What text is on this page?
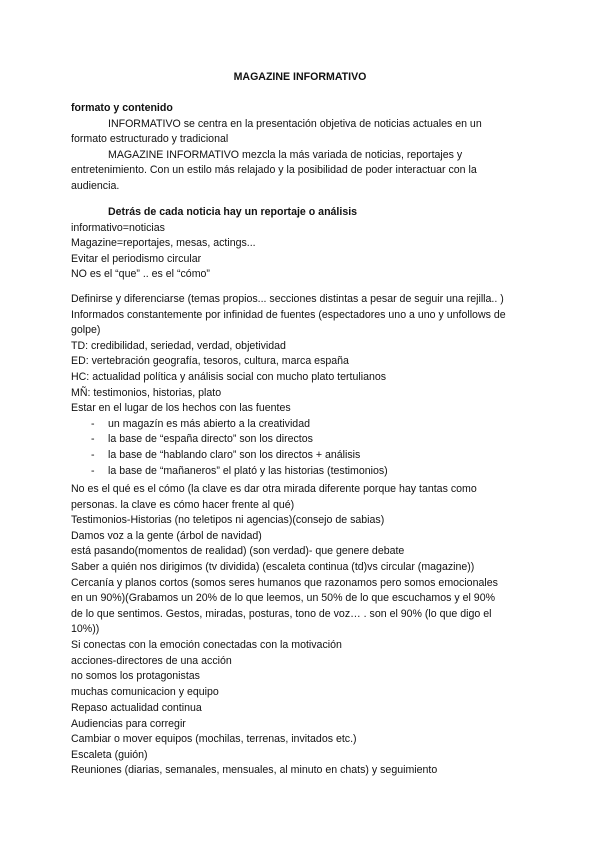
MAGAZINE INFORMATIVO
formato y contenido
INFORMATIVO se centra en la presentación objetiva de noticias actuales en un
formato estructurado y tradicional
MAGAZINE INFORMATIVO mezcla la más variada de noticias, reportajes y
entretenimiento. Con un estilo más relajado y la posibilidad de poder interactuar con la
audiencia.
Detrás de cada noticia hay un reportaje o análisis
informativo=noticias
Magazine=reportajes, mesas, actings...
Evitar el periodismo circular
NO es el “que” .. es el “cómo”
Definirse y diferenciarse (temas propios... secciones distintas a pesar de seguir una rejilla.. )
Informados constantemente por infinidad de fuentes (espectadores uno a uno y unfollows de
golpe)
TD: credibilidad, seriedad, verdad, objetividad
ED: vertebración geografía, tesoros, cultura, marca españa
HC: actualidad política y análisis social con mucho plato tertulianos
MÑ: testimonios, historias, plato
Estar en el lugar de los hechos con las fuentes
- un magazín es más abierto a la creatividad
- la base de “españa directo” son los directos
- la base de “hablando claro” son los directos + análisis
- la base de “mañaneros” el plató y las historias (testimonios)
No es el qué es el cómo (la clave es dar otra mirada diferente porque hay tantas como
personas. la clave es cómo hacer frente al qué)
Testimonios-Historias (no teletipos ni agencias)(consejo de sabias)
Damos voz a la gente (árbol de navidad)
está pasando(momentos de realidad) (son verdad)- que genere debate
Saber a quién nos dirigimos (tv dividida) (escaleta continua (td)vs circular (magazine))
Cercanía y planos cortos (somos seres humanos que razonamos pero somos emocionales
en un 90%)(Grabamos un 20% de lo que leemos, un 50% de lo que escuchamos y el 90%
de lo que sentimos. Gestos, miradas, posturas, tono de voz… . son el 90% (lo que digo el
10%))
Si conectas con la emoción conectadas con la motivación
acciones-directores de una acción
no somos los protagonistas
muchas comunicacion y equipo
Repaso actualidad continua
Audiencias para corregir
Cambiar o mover equipos (mochilas, terrenas, invitados etc.)
Escaleta (guión)
Reuniones (diarias, semanales, mensuales, al minuto en chats) y seguimiento
